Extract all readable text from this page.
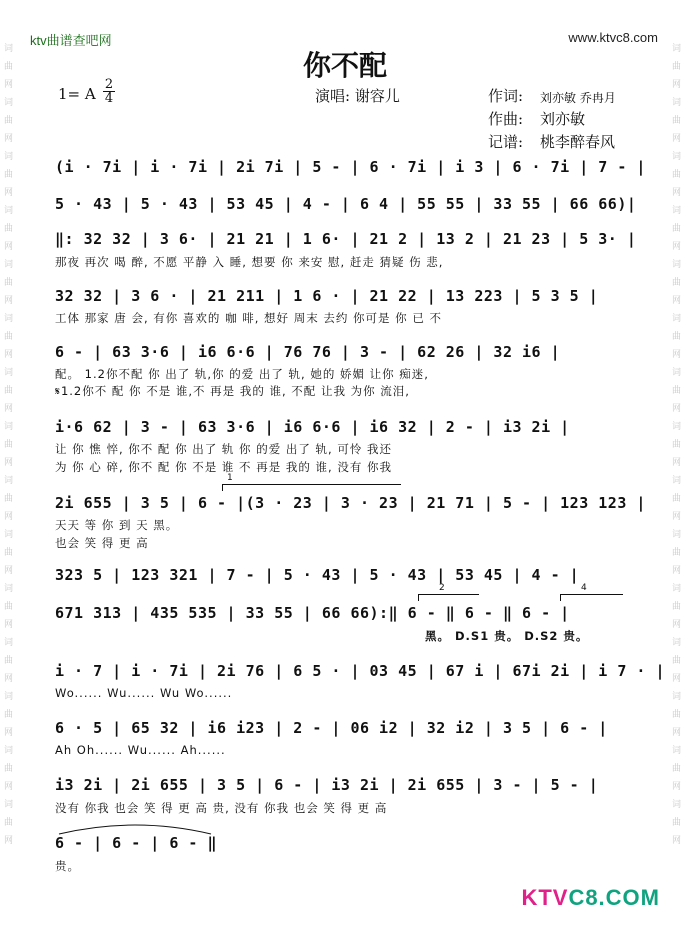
词曲网词曲网词曲网词曲网词曲网词曲网词曲网词曲网词曲网词曲网词曲网词曲网词曲网词曲网词曲网
词曲网词曲网词曲网词曲网词曲网词曲网词曲网词曲网词曲网词曲网词曲网词曲网词曲网词曲网词曲网
ktv曲谱查吧网	www.ktvc8.com
你不配
1= A
2
4	演唱: 谢容儿	作词: 刘亦敏 乔冉月
作曲: 刘亦敏
记谱: 桃李醉春风
(i · 7i | i · 7i | 2i 7i | 5 - | 6 · 7i | i 3 | 6 · 7i | 7 - |
5 · 43 | 5 · 43 | 53 45 | 4 - | 6 4 | 55 55 | 33 55 | 66 66)|
‖: 32 32 | 3 6· | 21 21 | 1 6· | 21 2 | 13 2 | 21 23 | 5 3· |
那夜 再次 喝 醉, 不愿 平静 入 睡, 想要 你 来安 慰, 赶走 猜疑 伤 悲,
32 32 | 3 6 · | 21 211 | 1 6 · | 21 22 | 13 223 | 5 3 5 |
工体 那家 唐 会, 有你 喜欢的 咖 啡, 想好 周末 去约 你可是 你 已 不
6 - | 63 3·6 | i6 6·6 | 76 76 | 3 - | 62 26 | 32 i6 |
配。 1.2你不配 你 出了 轨,你 的爱 出了 轨, 她的 娇媚 让你 痴迷,
𝄋1.2你不 配 你 不是 谁,不 再是 我的 谁, 不配 让我 为你 流泪,
i·6 62 | 3 - | 63 3·6 | i6 6·6 | i6 32 | 2 - | i3 2i |
让 你 憔 悴, 你不 配 你 出了 轨 你 的爱 出了 轨, 可怜 我还
为 你 心 碎, 你不 配 你 不是 谁 不 再是 我的 谁, 没有 你我
1
2i 655 | 3 5 | 6 - |(3 · 23 | 3 · 23 | 21 71 | 5 - | 123 123 |
天天 等 你 到 天 黑。
也会 笑 得 更 高
323 5 | 123 321 | 7 - | 5 · 43 | 5 · 43 | 53 45 | 4 - |
2	4
671 313 | 435 535 | 33 55 | 66 66):‖ 6 - ‖ 6 - ‖ 6 - |
黑。 D.S1 贵。 D.S2 贵。
i · 7 | i · 7i | 2i 76 | 6 5 · | 03 45 | 67 i | 67i 2i | i 7 · |
Wo...... Wu...... Wu Wo......
6 · 5 | 65 32 | i6 i23 | 2 - | 06 i2 | 32 i2 | 3 5 | 6 - |
Ah Oh...... Wu...... Ah......
i3 2i | 2i 655 | 3 5 | 6 - | i3 2i | 2i 655 | 3 - | 5 - |
没有 你我 也会 笑 得 更 高 贵, 没有 你我 也会 笑 得 更 高
6 - | 6 - | 6 - ‖
贵。
KTVC8.COM
